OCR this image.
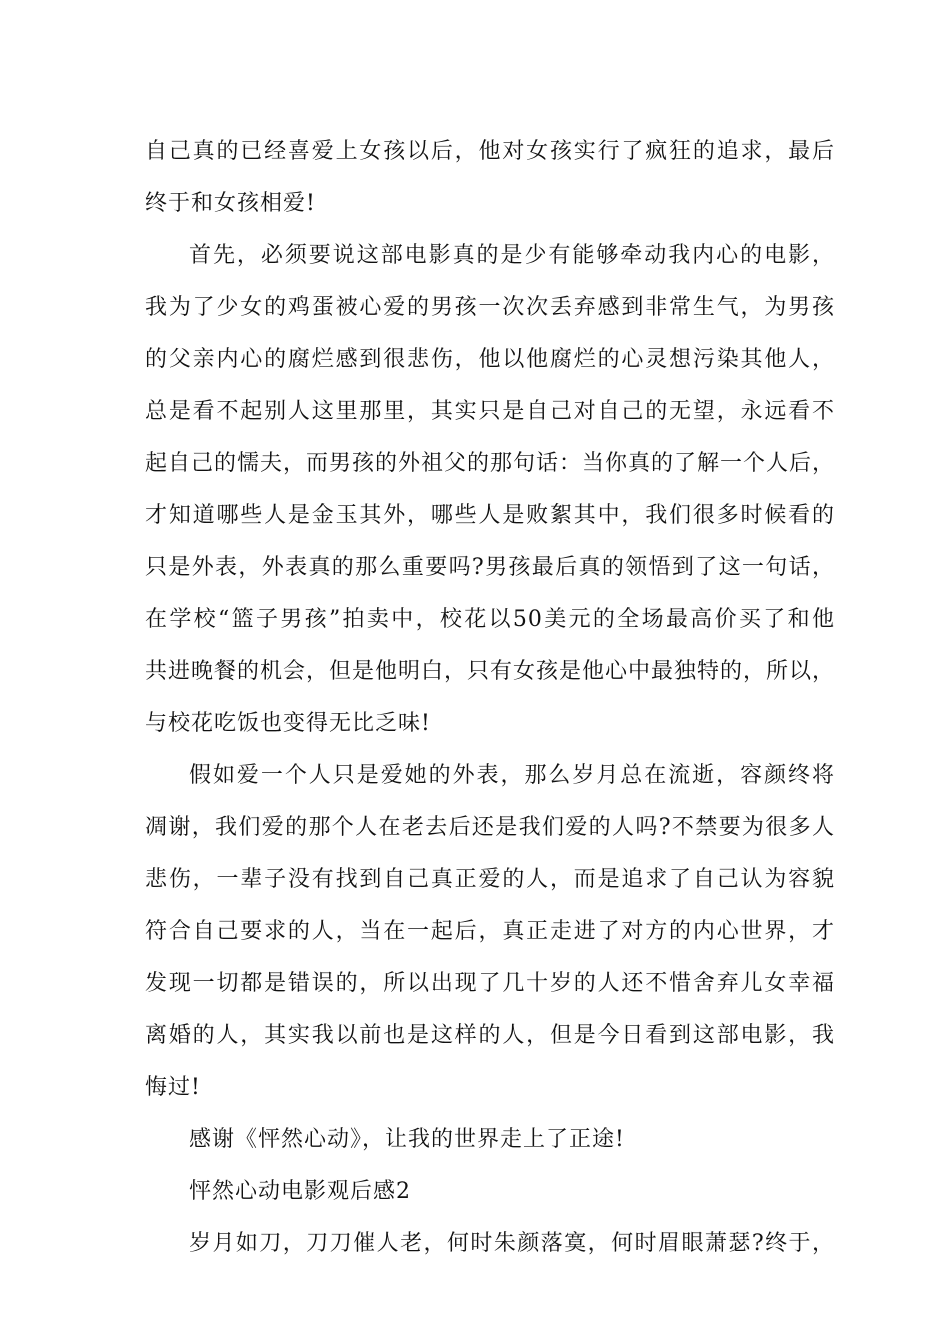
自己真的已经喜爱上女孩以后，他对女孩实行了疯狂的追求，最后
终于和女孩相爱!
首先，必须要说这部电影真的是少有能够牵动我内心的电影，
我为了少女的鸡蛋被心爱的男孩一次次丢弃感到非常生气，为男孩
的父亲内心的腐烂感到很悲伤，他以他腐烂的心灵想污染其他人，
总是看不起别人这里那里，其实只是自己对自己的无望，永远看不
起自己的懦夫，而男孩的外祖父的那句话：当你真的了解一个人后，
才知道哪些人是金玉其外，哪些人是败絮其中，我们很多时候看的
只是外表，外表真的那么重要吗?男孩最后真的领悟到了这一句话，
在学校“篮子男孩”拍卖中，校花以50美元的全场最高价买了和他
共进晚餐的机会，但是他明白，只有女孩是他心中最独特的，所以，
与校花吃饭也变得无比乏味!
假如爱一个人只是爱她的外表，那么岁月总在流逝，容颜终将
凋谢，我们爱的那个人在老去后还是我们爱的人吗?不禁要为很多人
悲伤，一辈子没有找到自己真正爱的人，而是追求了自己认为容貌
符合自己要求的人，当在一起后，真正走进了对方的内心世界，才
发现一切都是错误的，所以出现了几十岁的人还不惜舍弃儿女幸福
离婚的人，其实我以前也是这样的人，但是今日看到这部电影，我
悔过!
感谢《怦然心动》，让我的世界走上了正途!
怦然心动电影观后感2
岁月如刀，刀刀催人老，何时朱颜落寞，何时眉眼萧瑟?终于，
